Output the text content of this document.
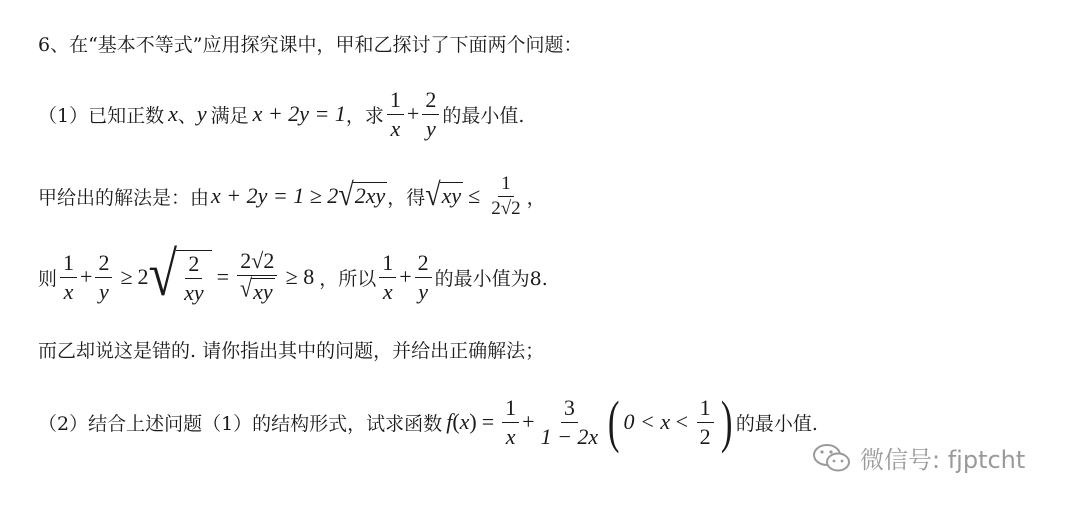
6、在“基本不等式”应用探究课中，甲和乙探讨了下面两个问题：
（1）已知正数 x 、 y 满足 x + 2y = 1 ，求 $\frac{1}{x} + \frac{2}{y}$ 的最小值.
甲给出的解法是：由 x + 2y = 1 ≥ 2 √ 2xy ，得 √ xy ≤ $\frac{1}{2√2}$ ，
则 $\frac{1}{x} + \frac{2}{y} \ge 2$ √ $\frac{2}{xy} = \frac{2√2}{√ xy} \ge 8$ ，所以 $\frac{1}{x} + \frac{2}{y}$ 的最小值为8.
而乙却说这是错的. 请你指出其中的问题，并给出正确解法；
（2）结合上述问题（1）的结构形式，试求函数 f $(x) = \frac{1}{x} + \frac{3}{1 - 2x}$ ( $0 < x < \frac{1}{2}$ ) 的最小值.
微信号: fjptcht
